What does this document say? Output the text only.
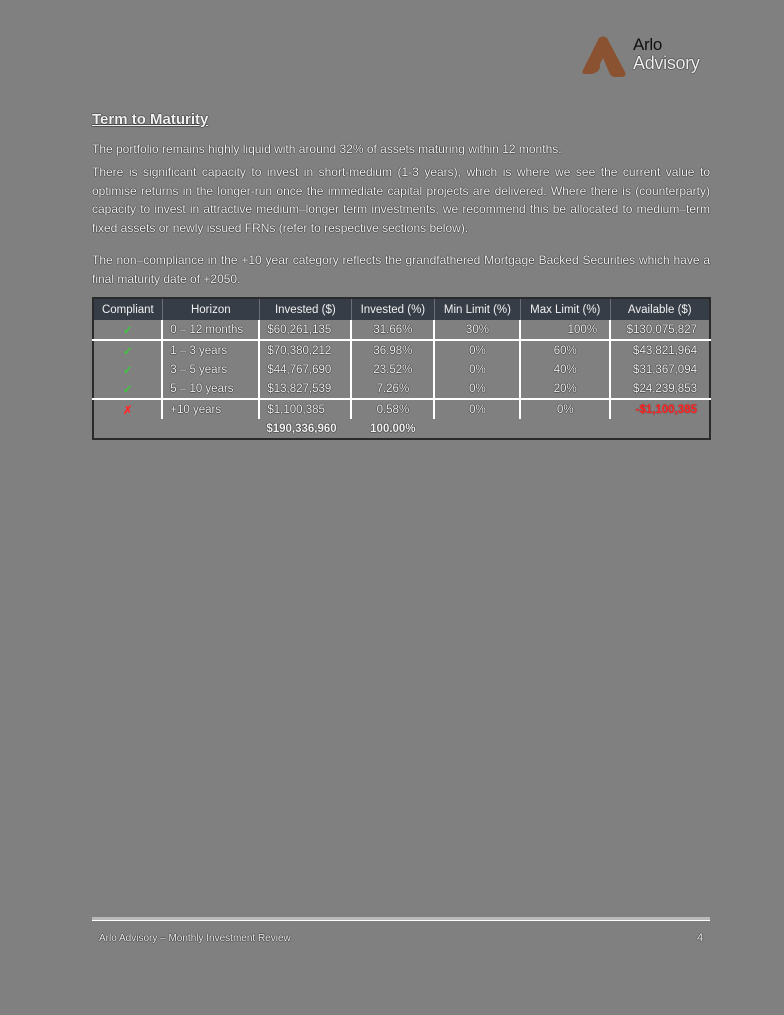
Arlo
Advisory
Term to Maturity

The portfolio remains highly liquid with around 32% of assets maturing within 12 months.

There is significant capacity to invest in short-medium (1-3 years), which is where we see the current value to optimise returns in the longer-run once the immediate capital projects are delivered. Where there is (counterparty) capacity to invest in attractive medium–longer term investments, we recommend this be allocated to medium–term fixed assets or newly issued FRNs (refer to respective sections below).

The non–compliance in the +10 year category reflects the grandfathered Mortgage Backed Securities which have a final maturity date of +2050.

Compliant	Horizon	Invested ($)	Invested (%)	Min Limit (%)	Max Limit (%)	Available ($)
✓	0 – 12 months	$60,261,135	31.66%	30%	100%	$130,075,827
✓	1 – 3 years	$70,380,212	36.98%	0%	60%	$43,821,964
✓	3 – 5 years	$44,767,690	23.52%	0%	40%	$31,367,094
✓	5 – 10 years	$13,827,539	7.26%	0%	20%	$24,239,853
✗	+10 years	$1,100,385	0.58%	0%	0%	-$1,100,385
		$190,336,960	100.00%			
Arlo Advisory – Monthly Investment Review	4
